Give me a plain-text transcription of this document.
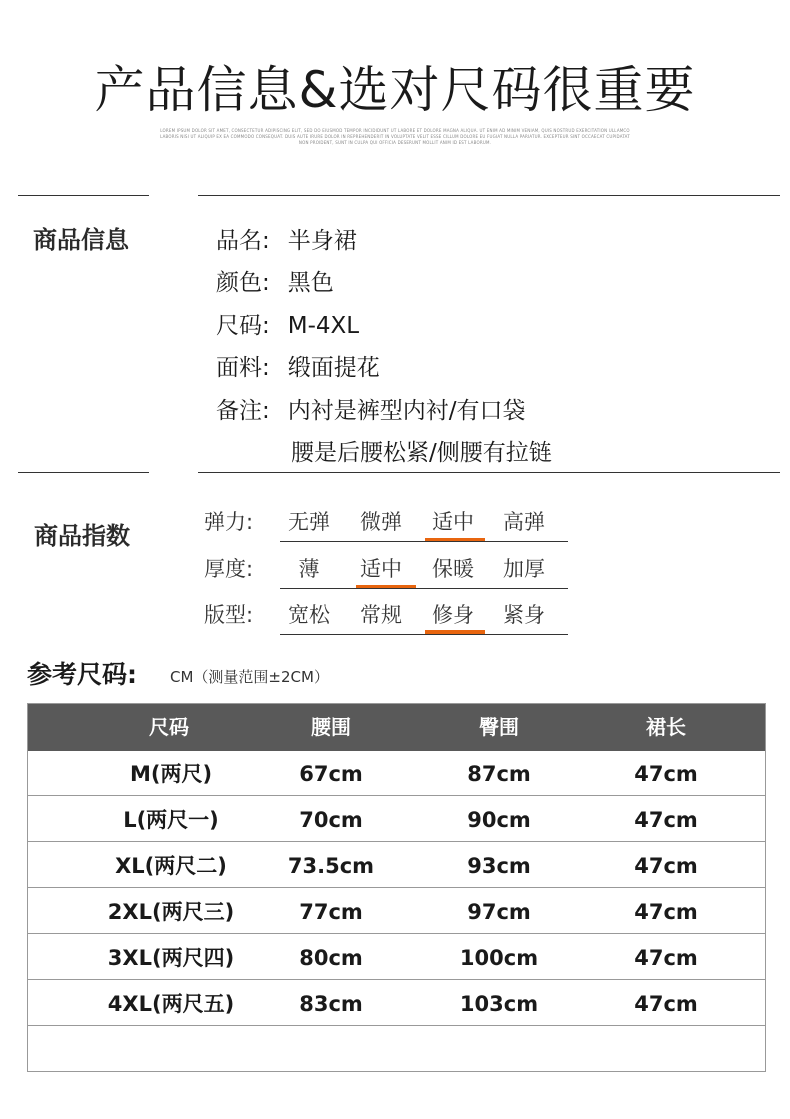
产品信息&选对尺码很重要
LOREM IPSUM DOLOR SIT AMET, CONSECTETUR ADIPISCING ELIT, SED DO EIUSMOD TEMPOR INCIDIDUNT UT LABORE ET DOLORE MAGNA ALIQUA. UT ENIM AD MINIM VENIAM, QUIS NOSTRUD EXERCITATION ULLAMCO LABORIS NISI UT ALIQUIP EX EA COMMODO CONSEQUAT. DUIS AUTE IRURE DOLOR IN REPREHENDERIT IN VOLUPTATE VELIT ESSE CILLUM DOLORE EU FUGIAT NULLA PARIATUR. EXCEPTEUR SINT OCCAECAT CUPIDATAT NON PROIDENT, SUNT IN CULPA QUI OFFICIA DESERUNT MOLLIT ANIM ID EST LABORUM.
商品信息	品名: 半身裙
颜色: 黑色
尺码: M-4XL
面料: 缎面提花
备注: 内衬是裤型内衬/有口袋
腰是后腰松紧/侧腰有拉链
商品指数	弹力:	无弹	微弹	适中	高弹
厚度:	薄	适中	保暖	加厚
版型:	宽松	常规	修身	紧身
参考尺码: CM（测量范围±2CM）
尺码	腰围	臀围	裙长
M(两尺)	67cm	87cm	47cm
L(两尺一)	70cm	90cm	47cm
XL(两尺二)	73.5cm	93cm	47cm
2XL(两尺三)	77cm	97cm	47cm
3XL(两尺四)	80cm	100cm	47cm
4XL(两尺五)	83cm	103cm	47cm
